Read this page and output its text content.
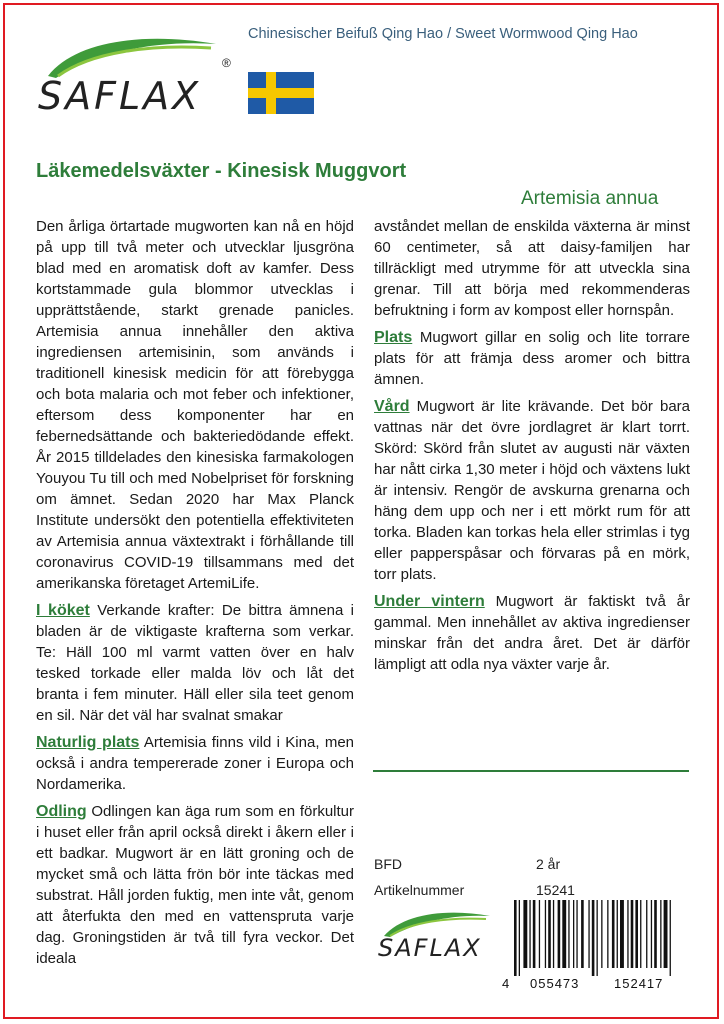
Chinesischer Beifuß Qing Hao / Sweet Wormwood Qing Hao
SAFLAX
®
Läkemedelsväxter - Kinesisk Muggvort
Artemisia annua

Den årliga örtartade mugworten kan nå en höjd på upp till två meter och utvecklar ljusgröna blad med en aromatisk doft av kamfer. Dess kortstammade gula blommor utvecklas i upprättstående, starkt grenade panicles. Artemisia annua innehåller den aktiva ingrediensen artemisinin, som används i traditionell kinesisk medicin för att förebygga och bota malaria och mot feber och infektioner, eftersom dess komponenter har en febernedsättande och bakteriedödande effekt. År 2015 tilldelades den kinesiska farmakologen Youyou Tu till och med Nobelpriset för forskning om ämnet. Sedan 2020 har Max Planck Institute undersökt den potentiella effektiviteten av Artemisia annua växtextrakt i förhållande till coronavirus COVID-19 tillsammans med det amerikanska företaget ArtemiLife.

I köket Verkande krafter: De bittra ämnena i bladen är de viktigaste krafterna som verkar. Te: Häll 100 ml varmt vatten över en halv tesked torkade eller malda löv och låt det branta i fem minuter. Häll eller sila teet genom en sil. När det väl har svalnat smakar

Naturlig plats Artemisia finns vild i Kina, men också i andra tempererade zoner i Europa och Nordamerika.

Odling Odlingen kan äga rum som en förkultur i huset eller från april också direkt i åkern eller i ett badkar. Mugwort är en lätt groning och de mycket små och lätta frön bör inte täckas med substrat. Håll jorden fuktig, men inte våt, genom att återfukta den med en vattenspruta varje dag. Groningstiden är två till fyra veckor. Det ideala

avståndet mellan de enskilda växterna är minst 60 centimeter, så att daisy-familjen har tillräckligt med utrymme för att utveckla sina grenar. Till att börja med rekommenderas befruktning i form av kompost eller hornspån.

Plats Mugwort gillar en solig och lite torrare plats för att främja dess aromer och bittra ämnen.

Vård Mugwort är lite krävande. Det bör bara vattnas när det övre jordlagret är klart torrt. Skörd: Skörd från slutet av augusti när växten har nått cirka 1,30 meter i höjd och växtens lukt är intensiv. Rengör de avskurna grenarna och häng dem upp och ner i ett mörkt rum för att torka. Bladen kan torkas hela eller strimlas i tyg eller papperspåsar och förvaras på en mörk, torr plats.

Under vintern Mugwort är faktiskt två år gammal. Men innehållet av aktiva ingredienser minskar från det andra året. Det är därför lämpligt att odla nya växter varje år.

BFD	2 år
Artikelnummer	15241
SAFLAX
4 055473	152417
